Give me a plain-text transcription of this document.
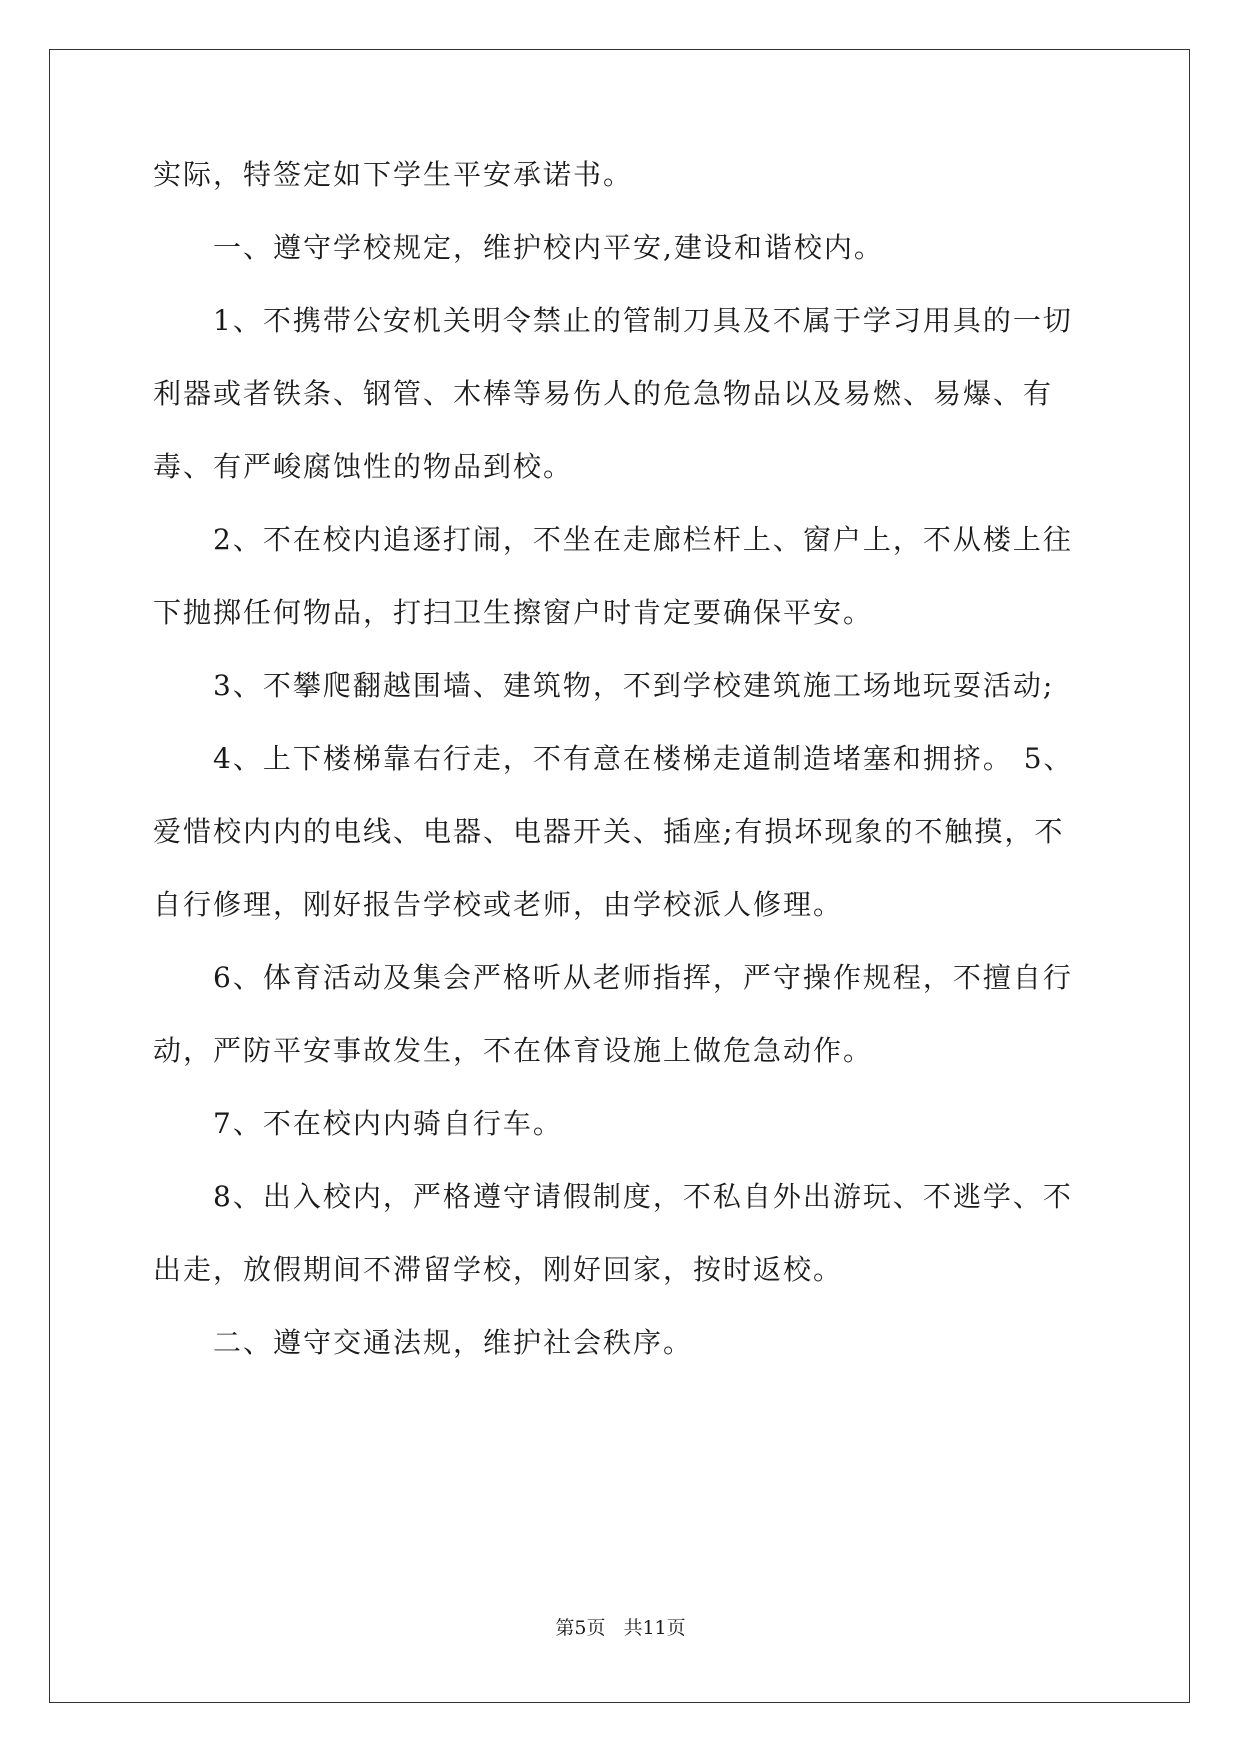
实际，特签定如下学生平安承诺书。
　　一、遵守学校规定，维护校内平安,建设和谐校内。
　　1、不携带公安机关明令禁止的管制刀具及不属于学习用具的一切
利器或者铁条、钢管、木棒等易伤人的危急物品以及易燃、易爆、有
毒、有严峻腐蚀性的物品到校。
　　2、不在校内追逐打闹，不坐在走廊栏杆上、窗户上，不从楼上往
下抛掷任何物品，打扫卫生擦窗户时肯定要确保平安。
　　3、不攀爬翻越围墙、建筑物，不到学校建筑施工场地玩耍活动;
　　4、上下楼梯靠右行走，不有意在楼梯走道制造堵塞和拥挤。 5、
爱惜校内内的电线、电器、电器开关、插座;有损坏现象的不触摸，不
自行修理，刚好报告学校或老师，由学校派人修理。
　　6、体育活动及集会严格听从老师指挥，严守操作规程，不擅自行
动，严防平安事故发生，不在体育设施上做危急动作。
　　7、不在校内内骑自行车。
　　8、出入校内，严格遵守请假制度，不私自外出游玩、不逃学、不
出走，放假期间不滞留学校，刚好回家，按时返校。
　　二、遵守交通法规，维护社会秩序。
第5页 共11页
